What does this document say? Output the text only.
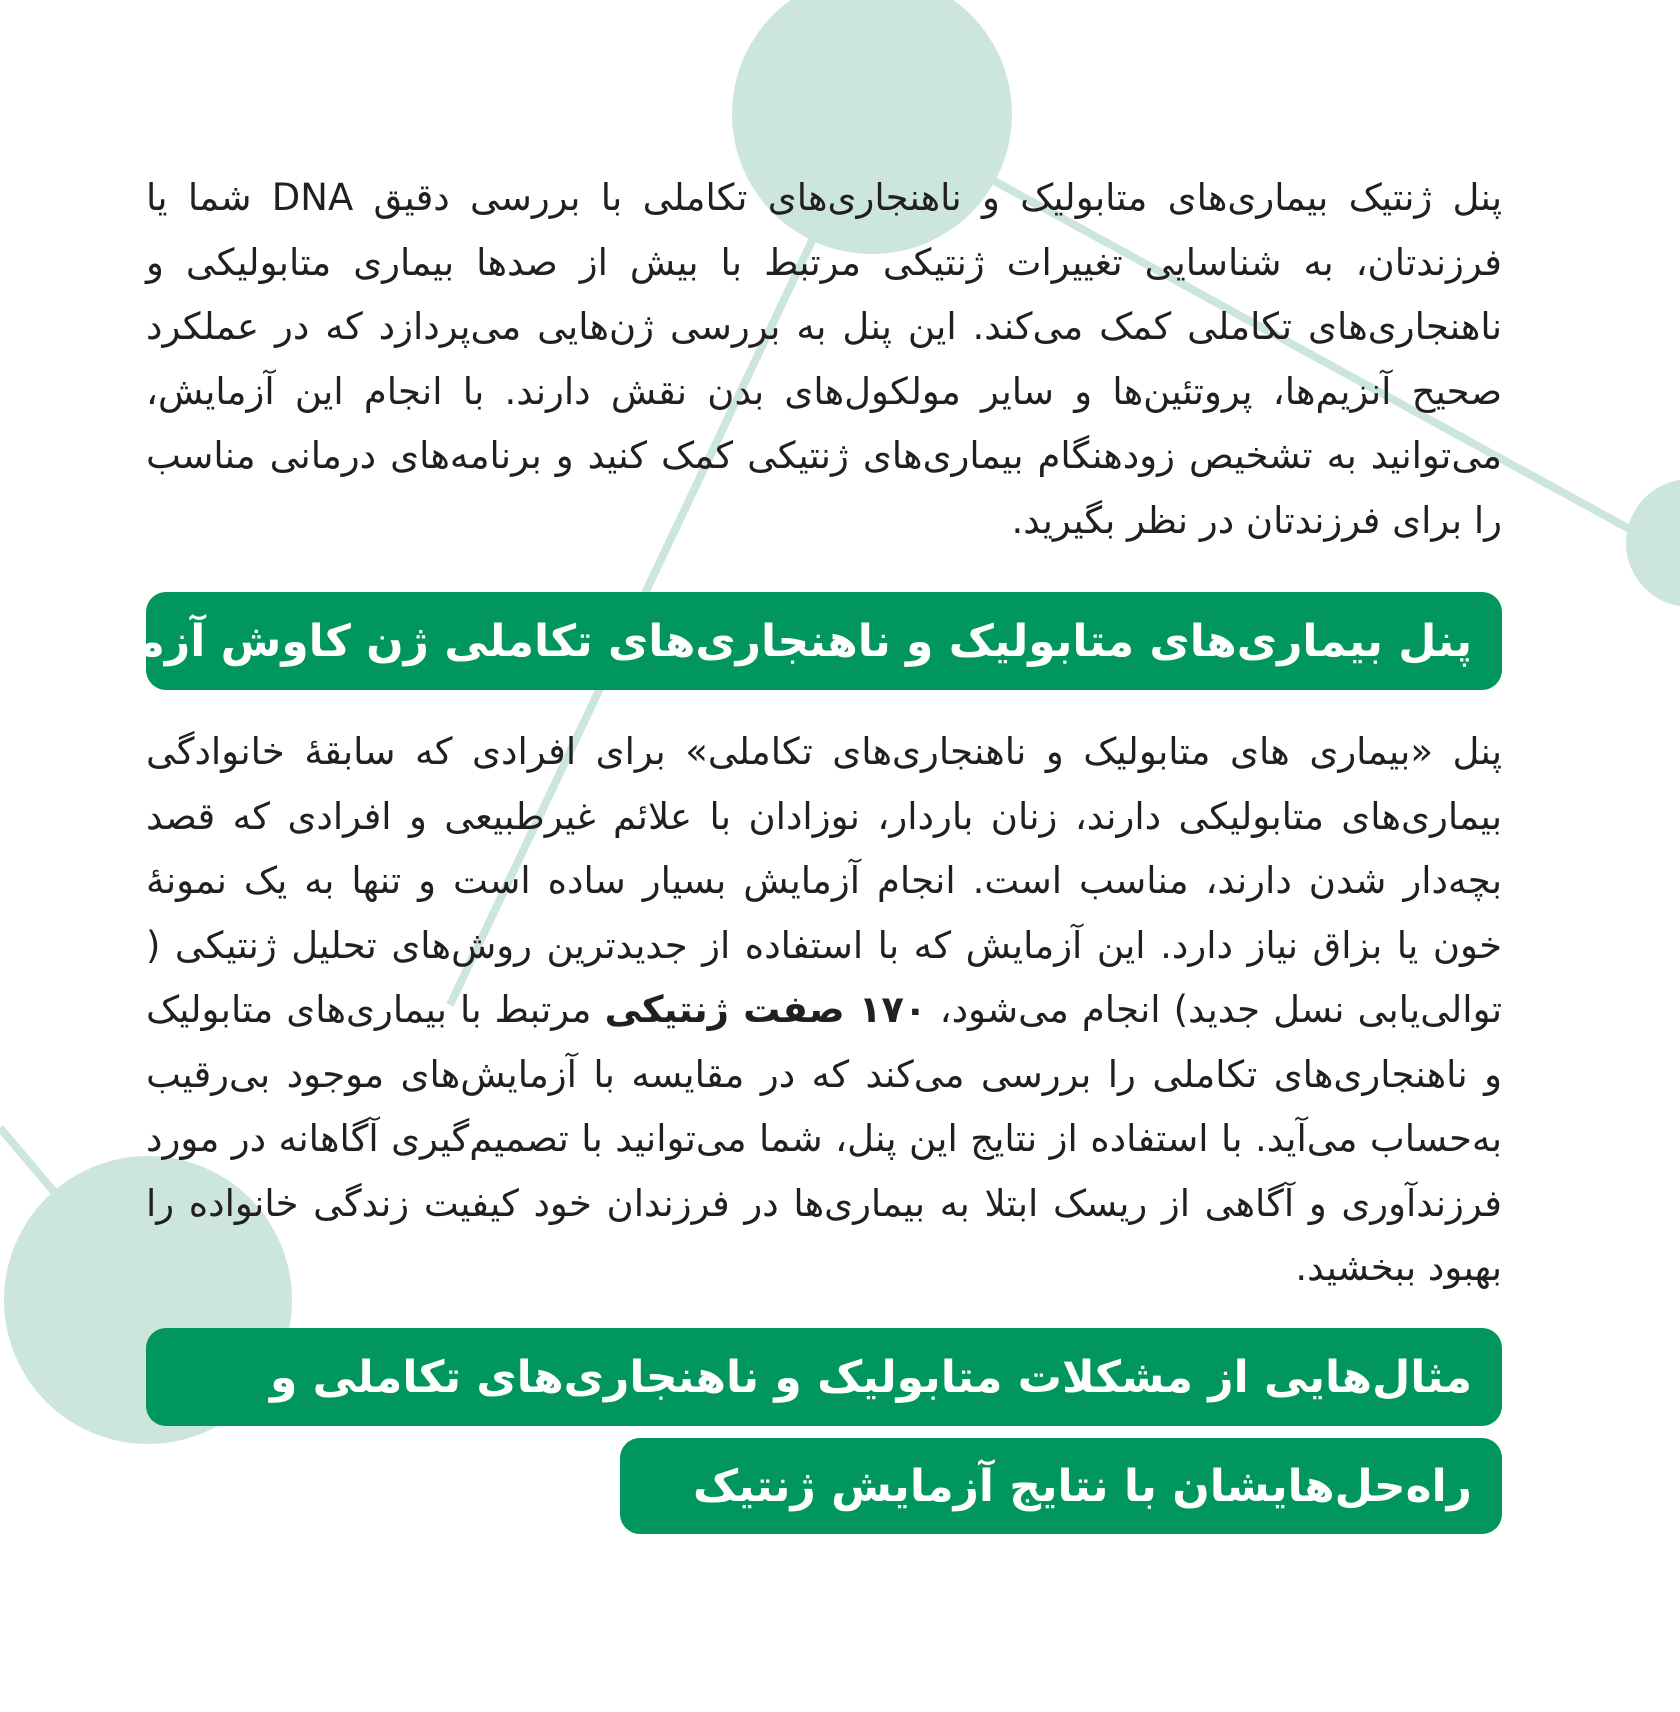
پنل ژنتیک بیماری‌های متابولیک و ناهنجاری‌های تکاملی با بررسی دقیق DNA شما یا فرزندتان، به شناسایی تغییرات ژنتیکی مرتبط با بیش از صدها بیماری متابولیکی و ناهنجاری‌های تکاملی کمک می‌کند. این پنل به بررسی ژن‌هایی می‌پردازد که در عملکرد صحیح آنزیم‌ها، پروتئین‌ها و سایر مولکول‌های بدن نقش دارند. با انجام این آزمایش، می‌توانید به تشخیص زودهنگام بیماری‌های ژنتیکی کمک کنید و برنامه‌های درمانی مناسب را برای فرزندتان در نظر بگیرید.

پنل بیماری‌های متابولیک و ناهنجاری‌های تکاملی ژن کاوش آزما

پنل «بیماری های متابولیک و ناهنجاری‌های تکاملی» برای افرادی که سابقهٔ خانوادگی بیماری‌های متابولیکی دارند، زنان باردار، نوزادان با علائم غیرطبیعی و افرادی که قصد بچه‌دار شدن دارند، مناسب است. انجام آزمایش بسیار ساده است و تنها به یک نمونهٔ خون یا بزاق نیاز دارد. این آزمایش که با استفاده از جدیدترین روش‌های تحلیل ژنتیکی ( توالی‌یابی نسل جدید) انجام می‌شود، ۱۷۰ صفت ژنتیکی مرتبط با بیماری‌های متابولیک و ناهنجاری‌های تکاملی را بررسی می‌کند که در مقایسه با آزمایش‌های موجود بی‌رقیب به‌حساب می‌آید. با استفاده از نتایج این پنل، شما می‌توانید با تصمیم‌گیری آگاهانه در مورد فرزندآوری و آگاهی از ریسک ابتلا به بیماری‌ها در فرزندان خود کیفیت زندگی خانواده را بهبود ببخشید.

مثال‌هایی از مشکلات متابولیک و ناهنجاری‌های تکاملی و
راه‌حل‌هایشان با نتایج آزمایش ژنتیک
